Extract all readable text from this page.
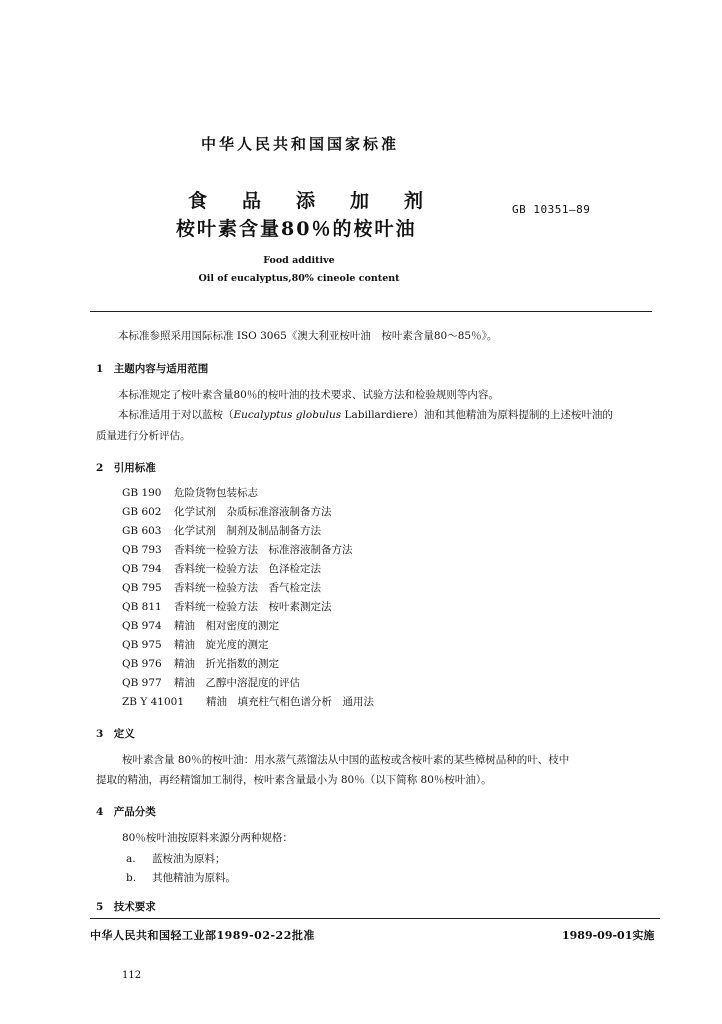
中华人民共和国国家标准
食品添加剂
桉叶素含量80％的桉叶油
GB 10351—89
Food additive
Oil of eucalyptus,80% cineole content
本标准参照采用国际标准 ISO 3065《澳大利亚桉叶油　桉叶素含量80～85％》。
1　主题内容与适用范围
本标准规定了桉叶素含量80％的桉叶油的技术要求、试验方法和检验规则等内容。
本标准适用于对以蓝桉（Eucalyptus globulus Labillardiere）油和其他精油为原料提制的上述桉叶油的
质量进行分析评估。
2　引用标准
GB 190 危险货物包装标志
GB 602 化学试剂　杂质标准溶液制备方法
GB 603 化学试剂　制剂及制品制备方法
QB 793 香料统一检验方法　标准溶液制备方法
QB 794 香料统一检验方法　色泽检定法
QB 795 香料统一检验方法　香气检定法
QB 811 香料统一检验方法　桉叶素测定法
QB 974 精油　相对密度的测定
QB 975 精油　旋光度的测定
QB 976 精油　折光指数的测定
QB 977 精油　乙醇中溶混度的评估
ZB Y 41001 精油　填充柱气相色谱分析　通用法
3　定义
桉叶素含量 80％的桉叶油：用水蒸气蒸馏法从中国的蓝桉或含桉叶素的某些樟树品种的叶、枝中
提取的精油，再经精馏加工制得，桉叶素含量最小为 80％（以下简称 80％桉叶油）。
4　产品分类
80％桉叶油按原料来源分两种规格：
a. 蓝桉油为原料；
b. 其他精油为原料。
5　技术要求
中华人民共和国轻工业部1989-02-22批准	1989-09-01实施
112
